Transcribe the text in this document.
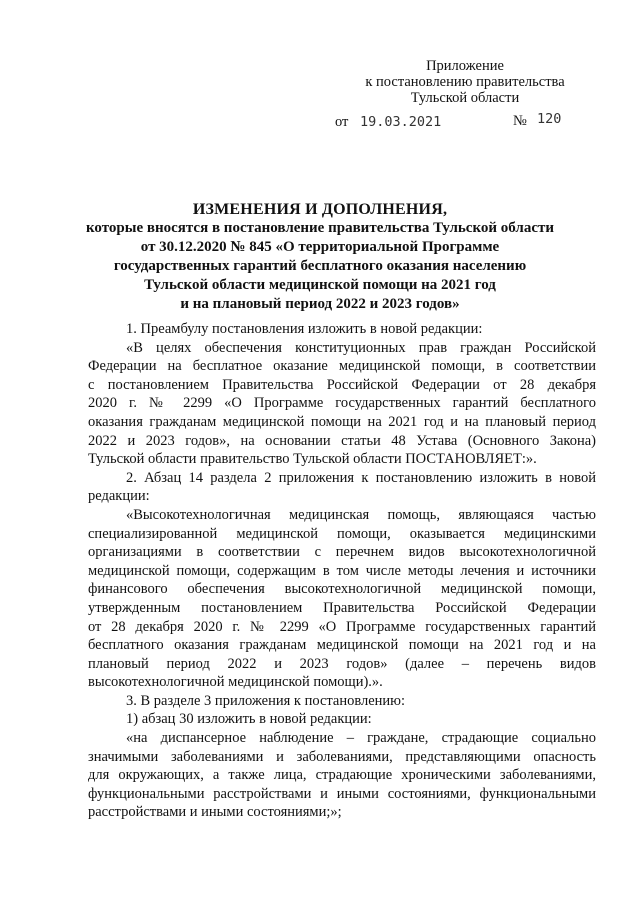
Приложение
к постановлению правительства
Тульской области
от 19.03.2021	№ 120
ИЗМЕНЕНИЯ И ДОПОЛНЕНИЯ,
которые вносятся в постановление правительства Тульской области
от 30.12.2020 № 845 «О территориальной Программе
государственных гарантий бесплатного оказания населению
Тульской области медицинской помощи на 2021 год
и на плановый период 2022 и 2023 годов»
1. Преамбулу постановления изложить в новой редакции:
«В целях обеспечения конституционных прав граждан Российской
Федерации на бесплатное оказание медицинской помощи, в соответствии
с постановлением Правительства Российской Федерации от 28 декабря
2020 г. № 2299 «О Программе государственных гарантий бесплатного
оказания гражданам медицинской помощи на 2021 год и на плановый период
2022 и 2023 годов», на основании статьи 48 Устава (Основного Закона)
Тульской области правительство Тульской области ПОСТАНОВЛЯЕТ:».
2. Абзац 14 раздела 2 приложения к постановлению изложить в новой
редакции:
«Высокотехнологичная медицинская помощь, являющаяся частью
специализированной медицинской помощи, оказывается медицинскими
организациями в соответствии с перечнем видов высокотехнологичной
медицинской помощи, содержащим в том числе методы лечения и источники
финансового обеспечения высокотехнологичной медицинской помощи,
утвержденным постановлением Правительства Российской Федерации
от 28 декабря 2020 г. № 2299 «О Программе государственных гарантий
бесплатного оказания гражданам медицинской помощи на 2021 год и на
плановый период 2022 и 2023 годов» (далее – перечень видов
высокотехнологичной медицинской помощи).».
3. В разделе 3 приложения к постановлению:
1) абзац 30 изложить в новой редакции:
«на диспансерное наблюдение – граждане, страдающие социально
значимыми заболеваниями и заболеваниями, представляющими опасность
для окружающих, а также лица, страдающие хроническими заболеваниями,
функциональными расстройствами и иными состояниями, функциональными
расстройствами и иными состояниями;»;
